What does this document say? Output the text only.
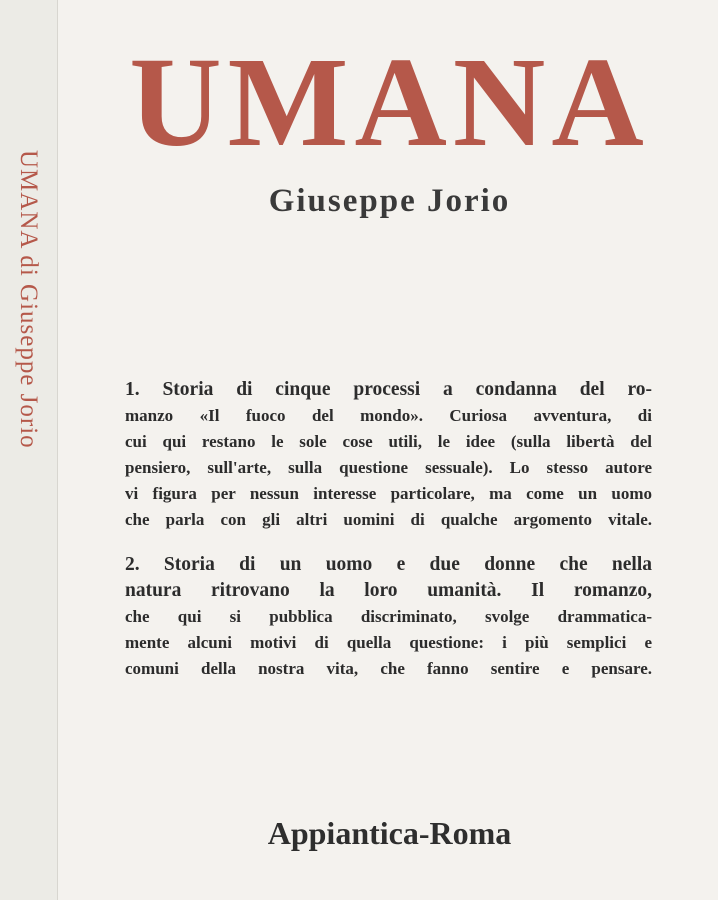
UMANA di Giuseppe Jorio
UMANA
Giuseppe Jorio
1. Storia di cinque processi a condanna del ro-
manzo «Il fuoco del mondo». Curiosa avventura, di
cui qui restano le sole cose utili, le idee (sulla libertà del
pensiero, sull'arte, sulla questione sessuale). Lo stesso autore
vi figura per nessun interesse particolare, ma come un uomo
che parla con gli altri uomini di qualche argomento vitale.
2. Storia di un uomo e due donne che nella
natura ritrovano la loro umanità. Il romanzo,
che qui si pubblica discriminato, svolge drammatica-
mente alcuni motivi di quella questione: i più semplici e
comuni della nostra vita, che fanno sentire e pensare.
Appiantica-Roma
